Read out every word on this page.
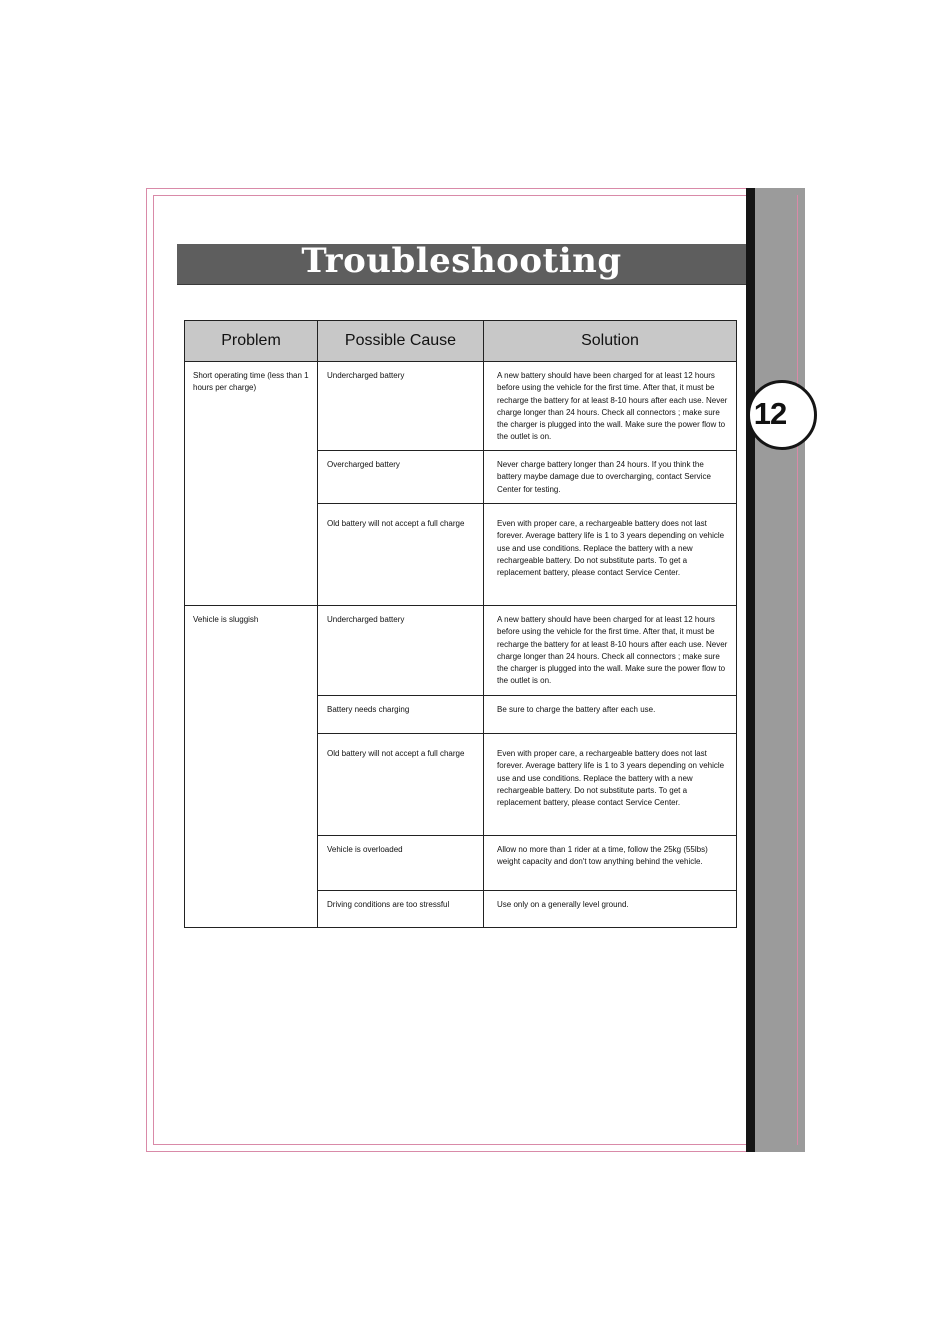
12
Troubleshooting
Problem	Possible Cause	Solution
Short operating time (less than 1 hours per charge)	Undercharged battery	A new battery should have been charged for at least 12 hours before using the vehicle for the first time. After that, it must be recharge the battery for at least 8-10 hours after each use. Never charge longer than 24 hours. Check all connectors ; make sure the charger is plugged into the wall. Make sure the power flow to the outlet is on.
	Overcharged battery	Never charge battery longer than 24 hours. If you think the battery maybe damage due to overcharging, contact Service Center for testing.
	Old battery will not accept a full charge	Even with proper care, a rechargeable battery does not last forever. Average battery life is 1 to 3 years depending on vehicle use and use conditions. Replace the battery with a new rechargeable battery. Do not substitute parts. To get a replacement battery, please contact Service Center.
Vehicle is sluggish	Undercharged battery	A new battery should have been charged for at least 12 hours before using the vehicle for the first time. After that, it must be recharge the battery for at least 8-10 hours after each use. Never charge longer than 24 hours. Check all connectors ; make sure the charger is plugged into the wall. Make sure the power flow to the outlet is on.
	Battery needs charging	Be sure to charge the battery after each use.
	Old battery will not accept a full charge	Even with proper care, a rechargeable battery does not last forever. Average battery life is 1 to 3 years depending on vehicle use and use conditions. Replace the battery with a new rechargeable battery. Do not substitute parts. To get a replacement battery, please contact Service Center.
	Vehicle is overloaded	Allow no more than 1 rider at a time, follow the 25kg (55lbs) weight capacity and don't tow anything behind the vehicle.
	Driving conditions are too stressful	Use only on a generally level ground.
